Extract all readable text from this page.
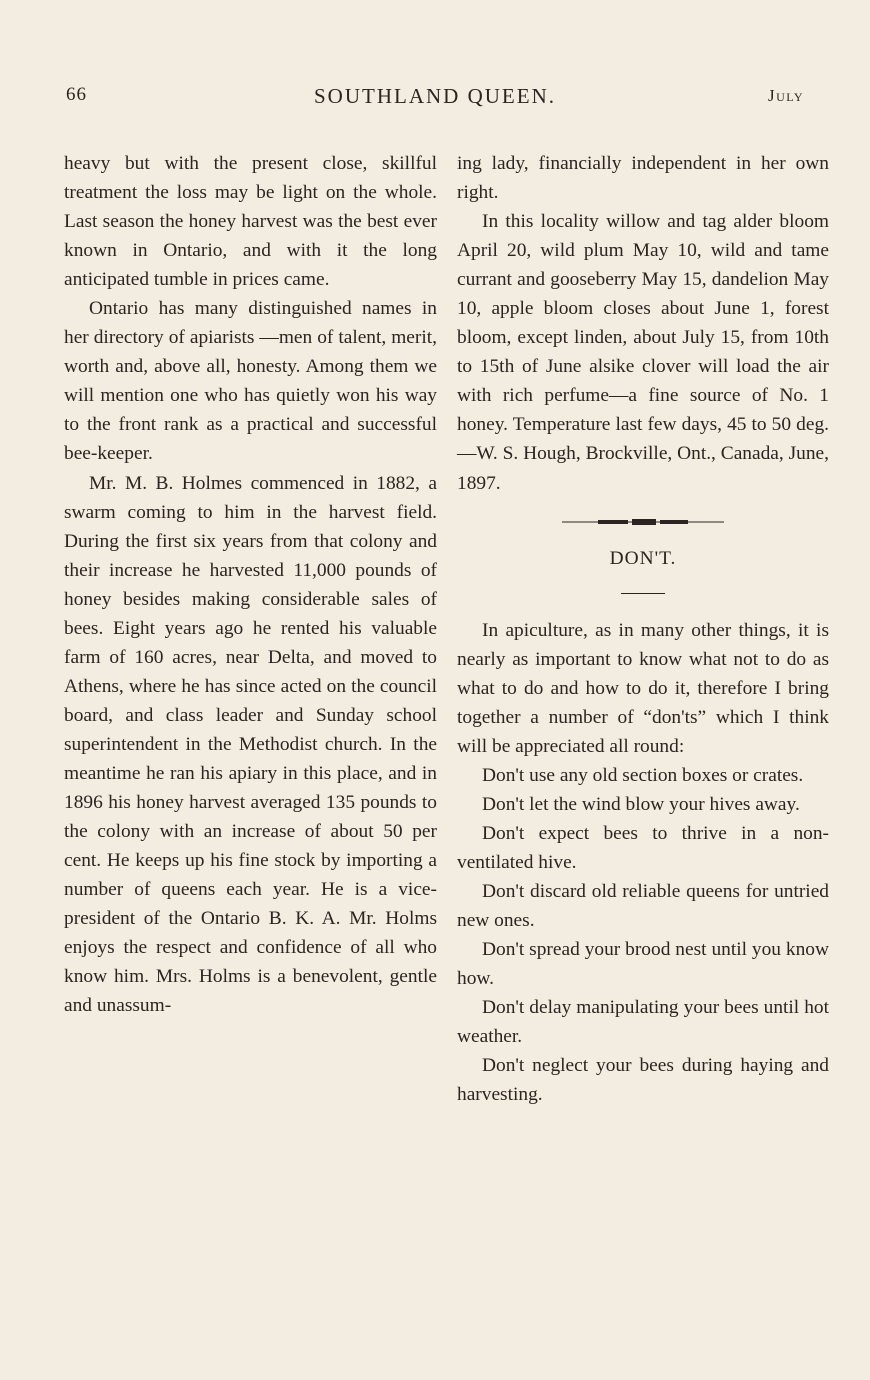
66	SOUTHLAND QUEEN.	July

heavy but with the present close, skillful treatment the loss may be light on the whole. Last season the honey harvest was the best ever known in Ontario, and with it the long anticipated tumble in prices came.

Ontario has many distinguished names in her directory of apiarists —men of talent, merit, worth and, above all, honesty. Among them we will mention one who has quietly won his way to the front rank as a practical and successful bee-keeper.

Mr. M. B. Holmes commenced in 1882, a swarm coming to him in the harvest field. During the first six years from that colony and their increase he harvested 11,000 pounds of honey besides making considerable sales of bees. Eight years ago he rented his valuable farm of 160 acres, near Delta, and moved to Athens, where he has since acted on the council board, and class leader and Sunday school superintendent in the Methodist church. In the meantime he ran his apiary in this place, and in 1896 his honey harvest averaged 135 pounds to the colony with an increase of about 50 per cent. He keeps up his fine stock by importing a number of queens each year. He is a vice-president of the Ontario B. K. A. Mr. Holms enjoys the respect and confidence of all who know him. Mrs. Holms is a benevolent, gentle and unassum-

ing lady, financially independent in her own right.

In this locality willow and tag alder bloom April 20, wild plum May 10, wild and tame currant and gooseberry May 15, dandelion May 10, apple bloom closes about June 1, forest bloom, except linden, about July 15, from 10th to 15th of June alsike clover will load the air with rich perfume—a fine source of No. 1 honey. Temperature last few days, 45 to 50 deg.—W. S. Hough, Brockville, Ont., Canada, June, 1897.

DON'T.

In apiculture, as in many other things, it is nearly as important to know what not to do as what to do and how to do it, therefore I bring together a number of “don'ts” which I think will be appreciated all round:

Don't use any old section boxes or crates.

Don't let the wind blow your hives away.

Don't expect bees to thrive in a non-ventilated hive.

Don't discard old reliable queens for untried new ones.

Don't spread your brood nest until you know how.

Don't delay manipulating your bees until hot weather.

Don't neglect your bees during haying and harvesting.
